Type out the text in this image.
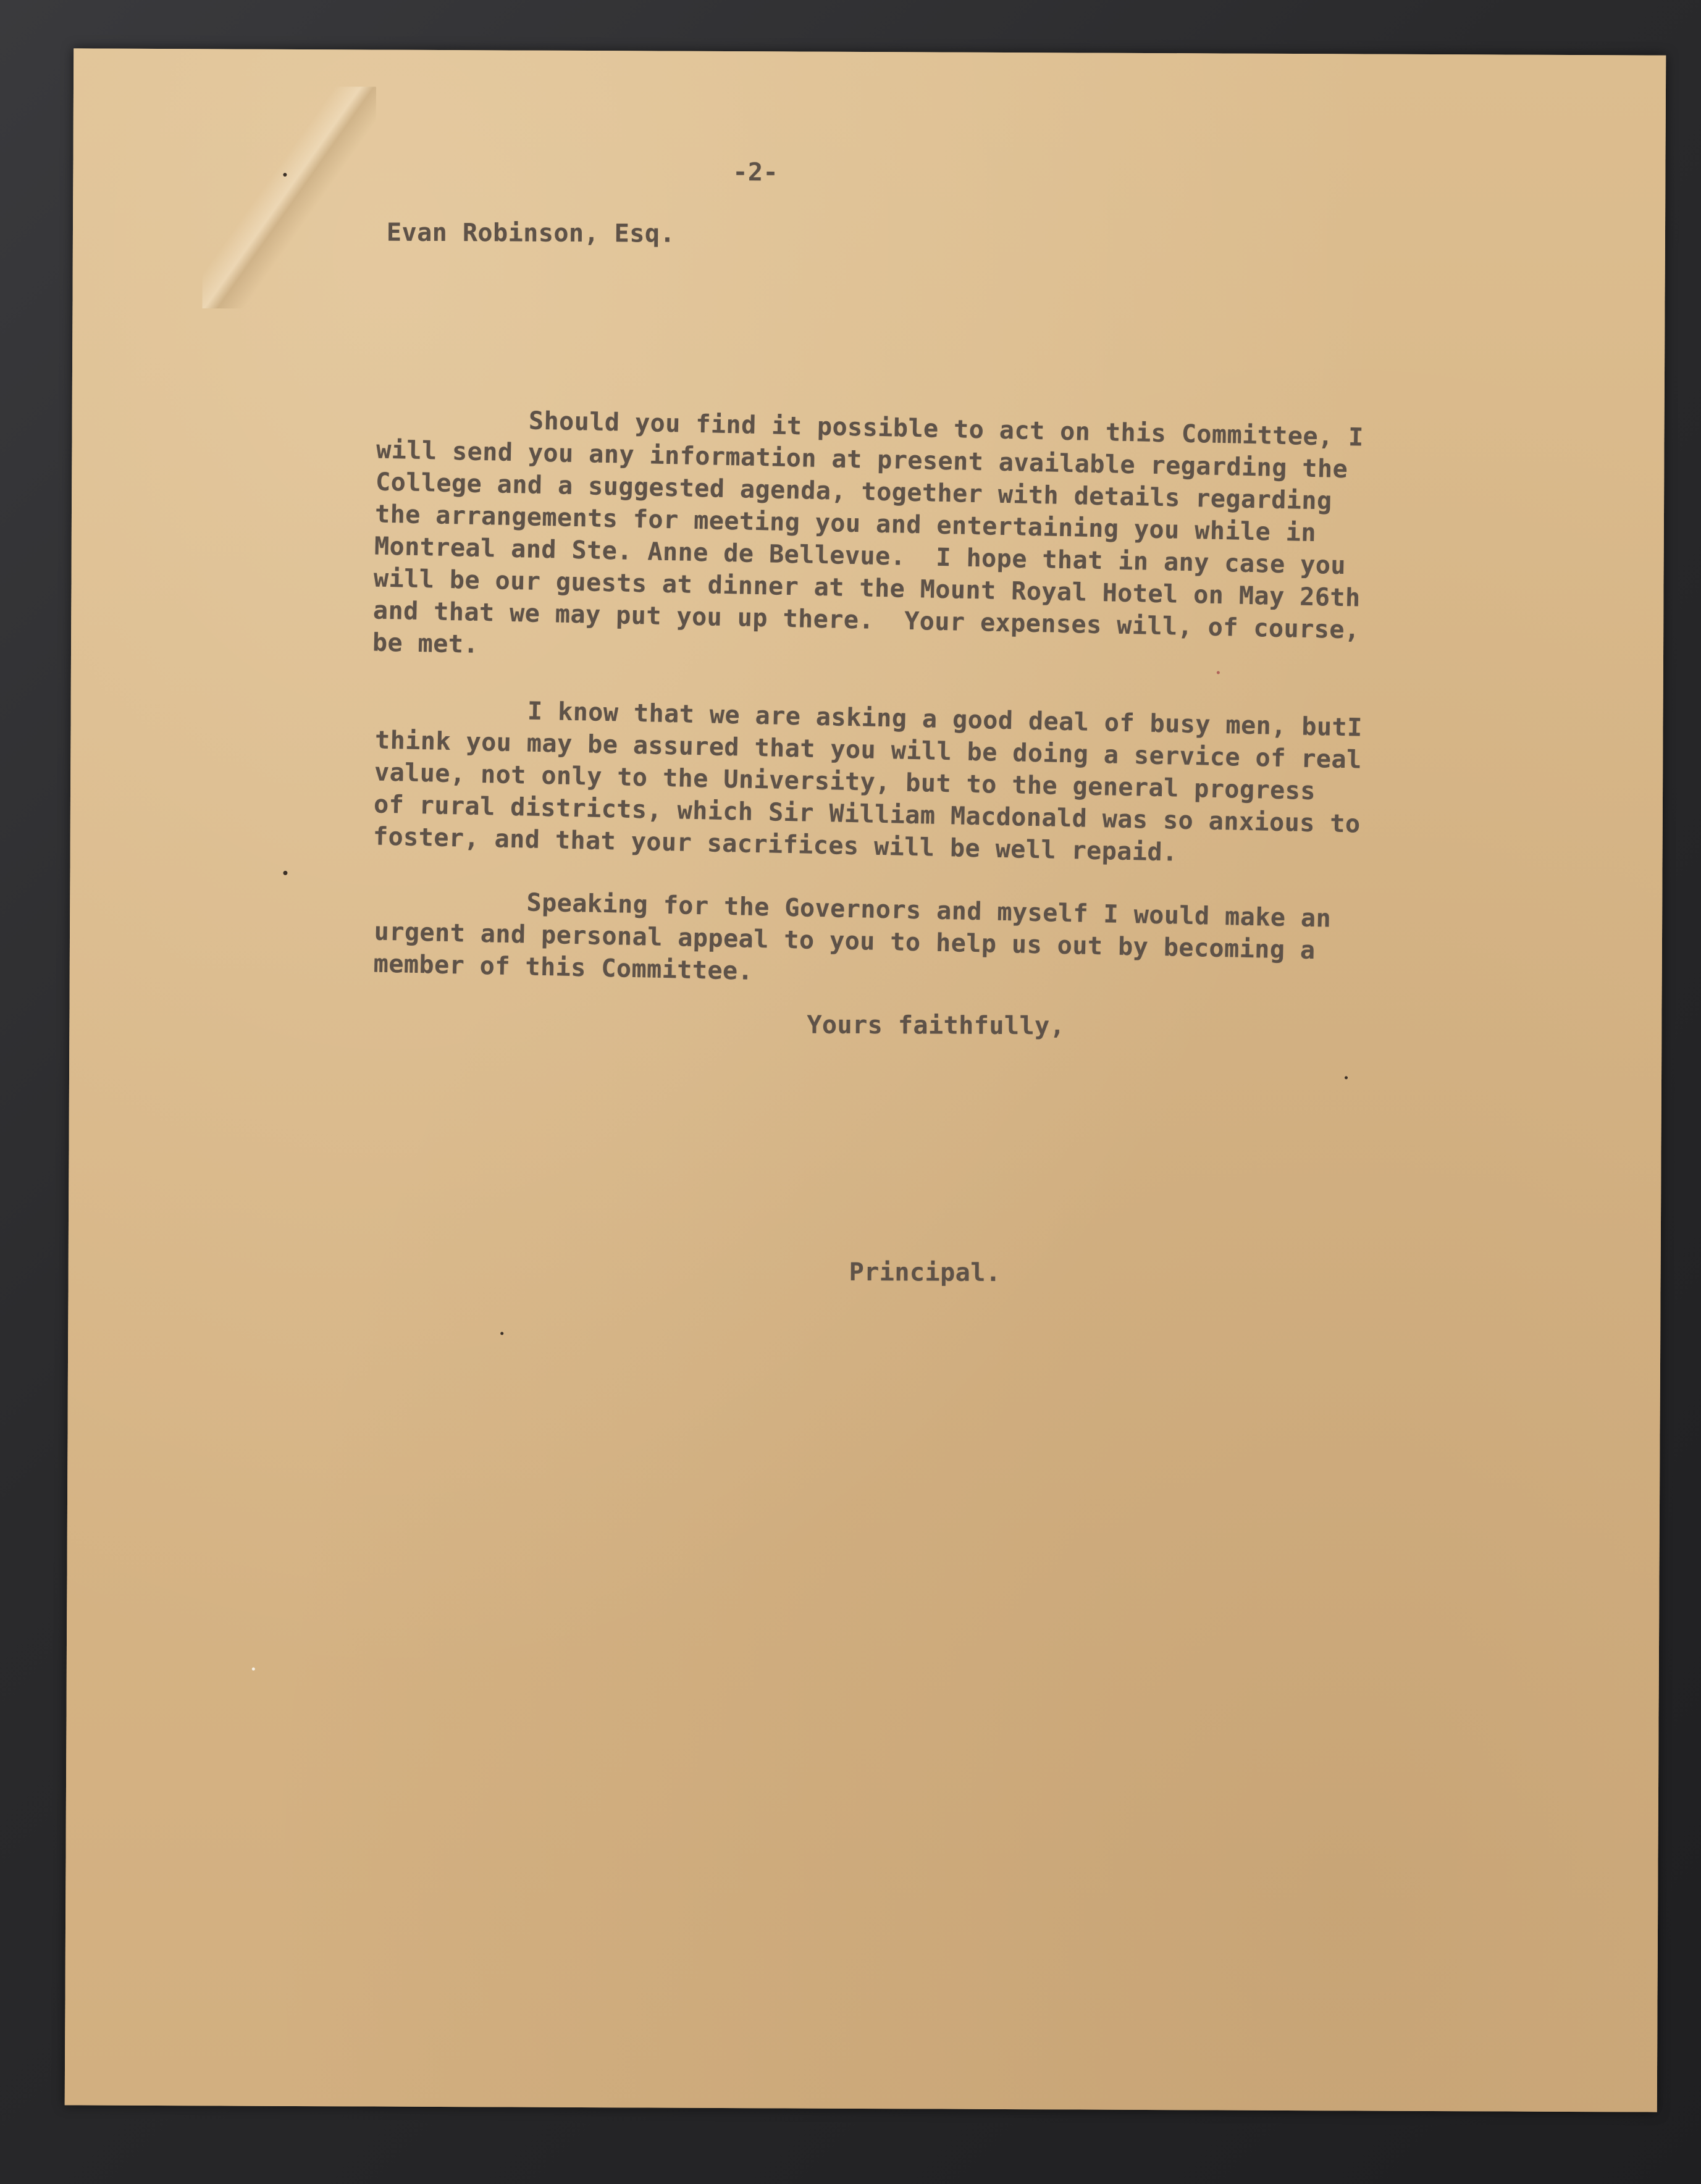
-2-
Evan Robinson, Esq.
Should you find it possible to act on this Committee, I
will send you any information at present available regarding the
College and a suggested agenda, together with details regarding
the arrangements for meeting you and entertaining you while in
Montreal and Ste. Anne de Bellevue.  I hope that in any case you
will be our guests at dinner at the Mount Royal Hotel on May 26th
and that we may put you up there.  Your expenses will, of course,
be met.
I know that we are asking a good deal of busy men, butI
think you may be assured that you will be doing a service of real
value, not only to the University, but to the general progress
of rural districts, which Sir William Macdonald was so anxious to
foster, and that your sacrifices will be well repaid.
Speaking for the Governors and myself I would make an
urgent and personal appeal to you to help us out by becoming a
member of this Committee.
Yours faithfully,
Principal.
